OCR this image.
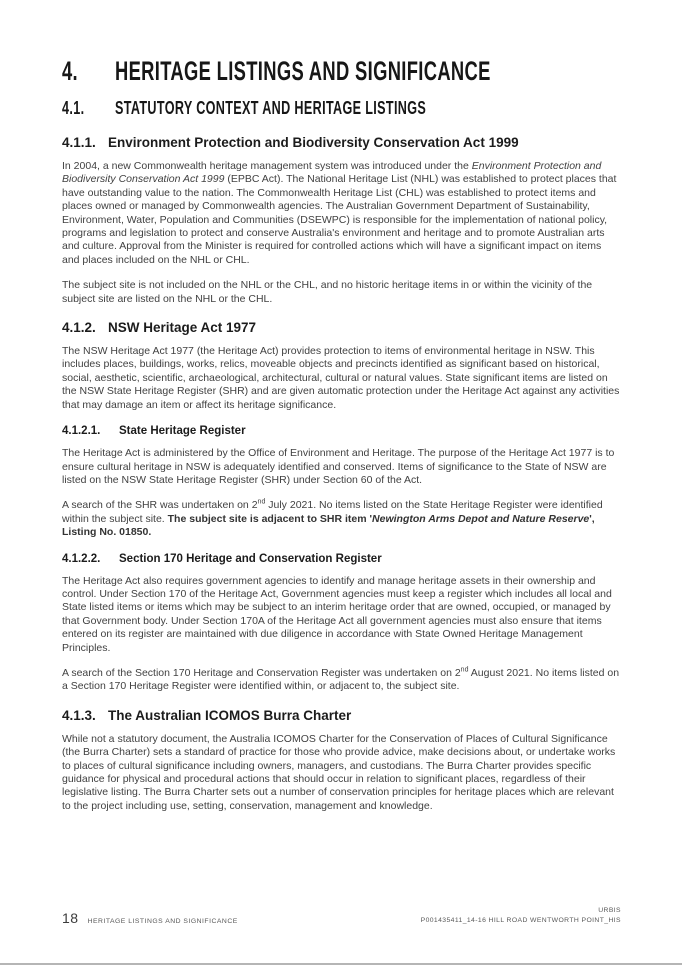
4.	HERITAGE LISTINGS AND SIGNIFICANCE
4.1.	STATUTORY CONTEXT AND HERITAGE LISTINGS
4.1.1. Environment Protection and Biodiversity Conservation Act 1999

In 2004, a new Commonwealth heritage management system was introduced under the Environment Protection and Biodiversity Conservation Act 1999 (EPBC Act). The National Heritage List (NHL) was established to protect places that have outstanding value to the nation. The Commonwealth Heritage List (CHL) was established to protect items and places owned or managed by Commonwealth agencies. The Australian Government Department of Sustainability, Environment, Water, Population and Communities (DSEWPC) is responsible for the implementation of national policy, programs and legislation to protect and conserve Australia's environment and heritage and to promote Australian arts and culture. Approval from the Minister is required for controlled actions which will have a significant impact on items and places included on the NHL or CHL.

The subject site is not included on the NHL or the CHL, and no historic heritage items in or within the vicinity of the subject site are listed on the NHL or the CHL.

4.1.2. NSW Heritage Act 1977

The NSW Heritage Act 1977 (the Heritage Act) provides protection to items of environmental heritage in NSW. This includes places, buildings, works, relics, moveable objects and precincts identified as significant based on historical, social, aesthetic, scientific, archaeological, architectural, cultural or natural values. State significant items are listed on the NSW State Heritage Register (SHR) and are given automatic protection under the Heritage Act against any activities that may damage an item or affect its heritage significance.

4.1.2.1.	State Heritage Register

The Heritage Act is administered by the Office of Environment and Heritage. The purpose of the Heritage Act 1977 is to ensure cultural heritage in NSW is adequately identified and conserved. Items of significance to the State of NSW are listed on the NSW State Heritage Register (SHR) under Section 60 of the Act.

A search of the SHR was undertaken on 2nd July 2021. No items listed on the State Heritage Register were identified within the subject site. The subject site is adjacent to SHR item 'Newington Arms Depot and Nature Reserve', Listing No. 01850.

4.1.2.2.	Section 170 Heritage and Conservation Register

The Heritage Act also requires government agencies to identify and manage heritage assets in their ownership and control. Under Section 170 of the Heritage Act, Government agencies must keep a register which includes all local and State listed items or items which may be subject to an interim heritage order that are owned, occupied, or managed by that Government body. Under Section 170A of the Heritage Act all government agencies must also ensure that items entered on its register are maintained with due diligence in accordance with State Owned Heritage Management Principles.

A search of the Section 170 Heritage and Conservation Register was undertaken on 2nd August 2021. No items listed on a Section 170 Heritage Register were identified within, or adjacent to, the subject site.

4.1.3. The Australian ICOMOS Burra Charter

While not a statutory document, the Australia ICOMOS Charter for the Conservation of Places of Cultural Significance (the Burra Charter) sets a standard of practice for those who provide advice, make decisions about, or undertake works to places of cultural significance including owners, managers, and custodians. The Burra Charter provides specific guidance for physical and procedural actions that should occur in relation to significant places, regardless of their legislative listing. The Burra Charter sets out a number of conservation principles for heritage places which are relevant to the project including use, setting, conservation, management and knowledge.

18 HERITAGE LISTINGS AND SIGNIFICANCE
URBIS
P001435411_14-16 HILL ROAD WENTWORTH POINT_HIS
